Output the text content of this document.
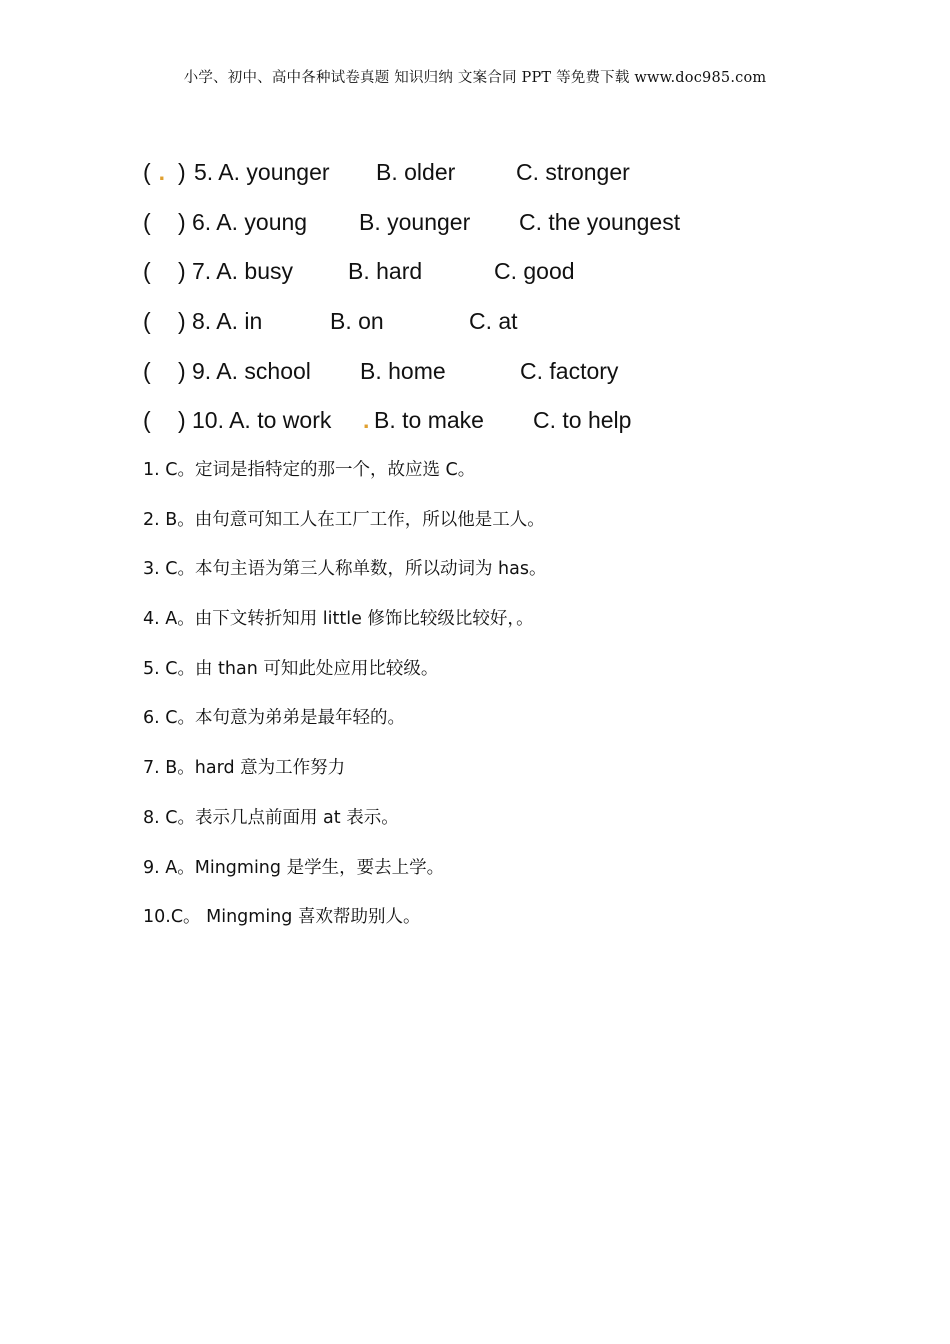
小学、初中、高中各种试卷真题 知识归纳 文案合同 PPT 等免费下载 www.doc985.com
( . ) 5. A. younger B. older	C. stronger
( ) 6. A. young B. younger C. the youngest
( ) 7. A. busy B. hard	C. good
( ) 8. A. in	B. on	C. at
( ) 9. A. school B. home	C. factory
( ) 10. A. to work . B. to make C. to help
1. C。定词是指特定的那一个，故应选 C。
2. B。由句意可知工人在工厂工作，所以他是工人。
3. C。本句主语为第三人称单数，所以动词为 has。
4. A。由下文转折知用 little 修饰比较级比较好，。
5. C。由 than 可知此处应用比较级。
6. C。本句意为弟弟是最年轻的。
7. B。hard 意为工作努力
8. C。表示几点前面用 at 表示。
9. A。Mingming 是学生，要去上学。
10.C。 Mingming 喜欢帮助别人。
